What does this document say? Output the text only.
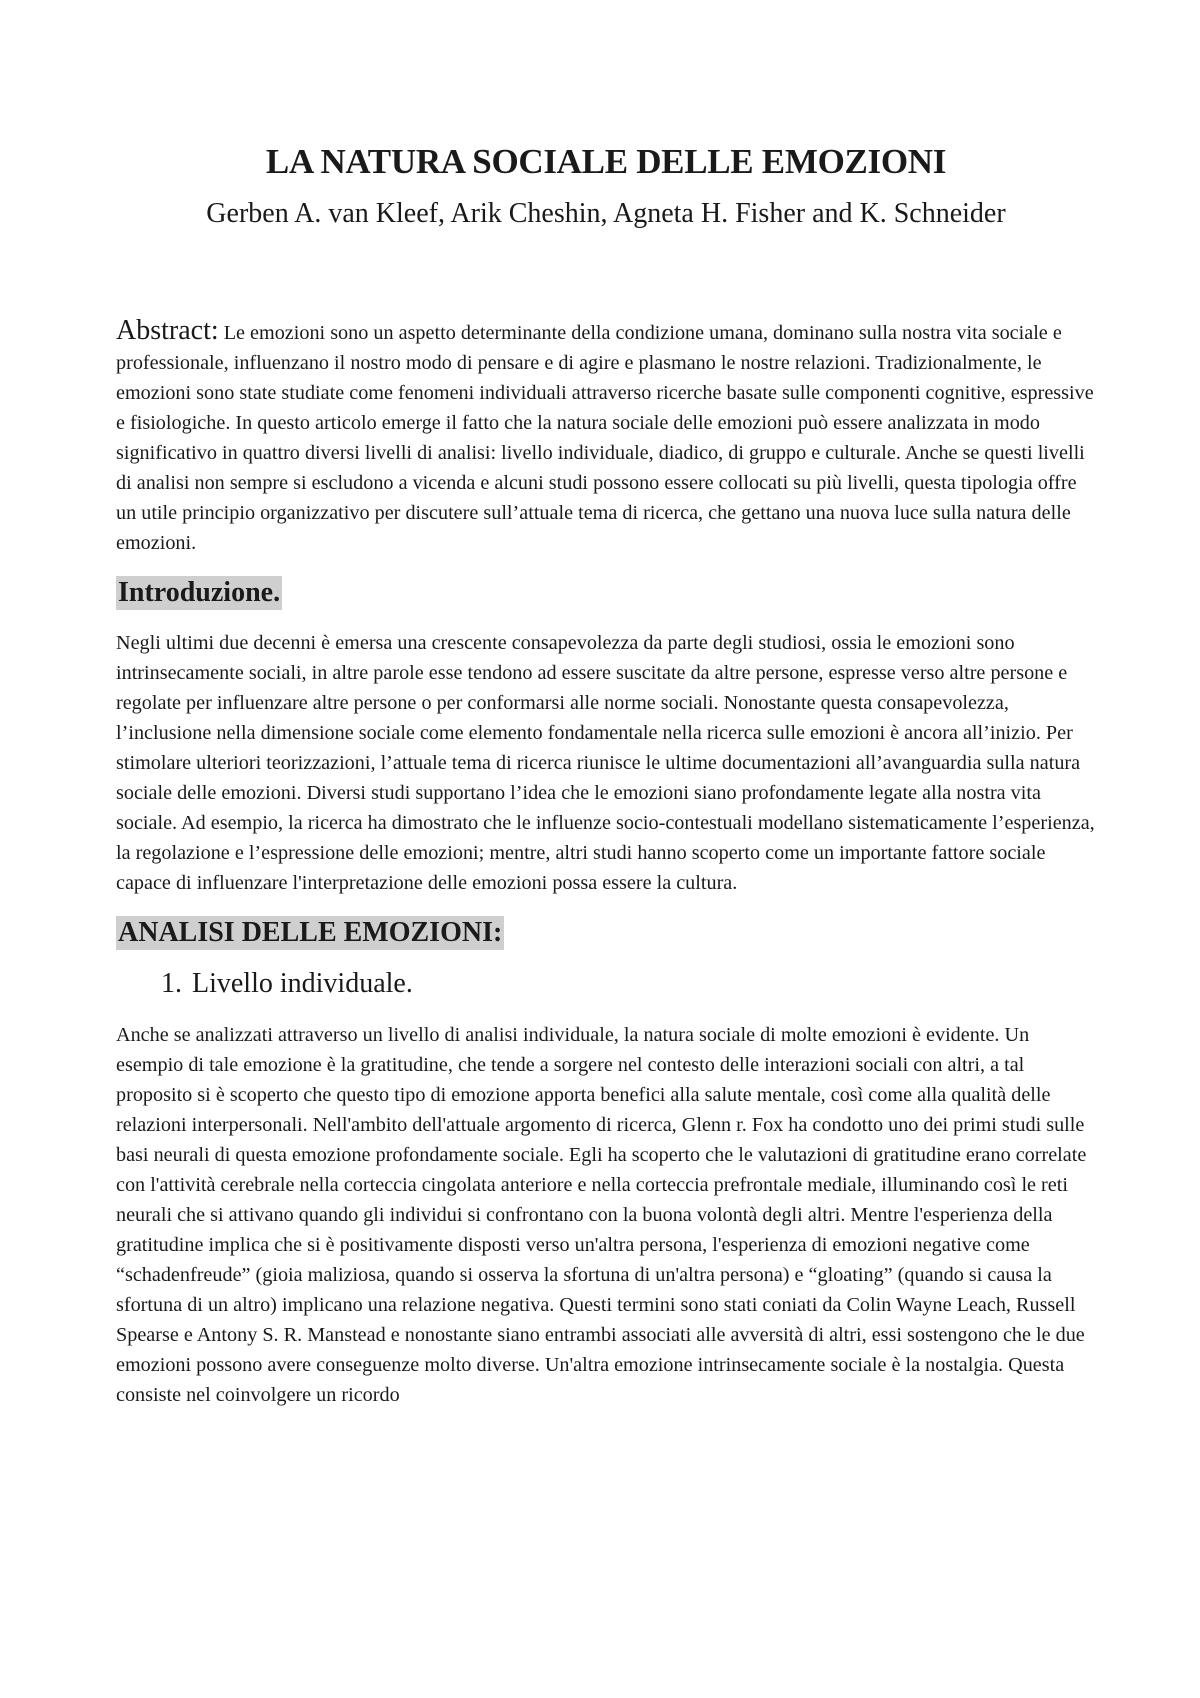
LA NATURA SOCIALE DELLE EMOZIONI

Gerben A. van Kleef, Arik Cheshin, Agneta H. Fisher and K. Schneider

Abstract: Le emozioni sono un aspetto determinante della condizione umana, dominano sulla nostra vita sociale e professionale, influenzano il nostro modo di pensare e di agire e plasmano le nostre relazioni. Tradizionalmente, le emozioni sono state studiate come fenomeni individuali attraverso ricerche basate sulle componenti cognitive, espressive e fisiologiche. In questo articolo emerge il fatto che la natura sociale delle emozioni può essere analizzata in modo significativo in quattro diversi livelli di analisi: livello individuale, diadico, di gruppo e culturale. Anche se questi livelli di analisi non sempre si escludono a vicenda e alcuni studi possono essere collocati su più livelli, questa tipologia offre un utile principio organizzativo per discutere sull’attuale tema di ricerca, che gettano una nuova luce sulla natura delle emozioni.

Introduzione.

Negli ultimi due decenni è emersa una crescente consapevolezza da parte degli studiosi, ossia le emozioni sono intrinsecamente sociali, in altre parole esse tendono ad essere suscitate da altre persone, espresse verso altre persone e regolate per influenzare altre persone o per conformarsi alle norme sociali. Nonostante questa consapevolezza, l’inclusione nella dimensione sociale come elemento fondamentale nella ricerca sulle emozioni è ancora all’inizio. Per stimolare ulteriori teorizzazioni, l’attuale tema di ricerca riunisce le ultime documentazioni all’avanguardia sulla natura sociale delle emozioni. Diversi studi supportano l’idea che le emozioni siano profondamente legate alla nostra vita sociale. Ad esempio, la ricerca ha dimostrato che le influenze socio-contestuali modellano sistematicamente l’esperienza, la regolazione e l’espressione delle emozioni; mentre, altri studi hanno scoperto come un importante fattore sociale capace di influenzare l'interpretazione delle emozioni possa essere la cultura.

ANALISI DELLE EMOZIONI:
1. Livello individuale.

Anche se analizzati attraverso un livello di analisi individuale, la natura sociale di molte emozioni è evidente. Un esempio di tale emozione è la gratitudine, che tende a sorgere nel contesto delle interazioni sociali con altri, a tal proposito si è scoperto che questo tipo di emozione apporta benefici alla salute mentale, così come alla qualità delle relazioni interpersonali. Nell'ambito dell'attuale argomento di ricerca, Glenn r. Fox ha condotto uno dei primi studi sulle basi neurali di questa emozione profondamente sociale. Egli ha scoperto che le valutazioni di gratitudine erano correlate con l'attività cerebrale nella corteccia cingolata anteriore e nella corteccia prefrontale mediale, illuminando così le reti neurali che si attivano quando gli individui si confrontano con la buona volontà degli altri. Mentre l'esperienza della gratitudine implica che si è positivamente disposti verso un'altra persona, l'esperienza di emozioni negative come “schadenfreude” (gioia maliziosa, quando si osserva la sfortuna di un'altra persona) e “gloating” (quando si causa la sfortuna di un altro) implicano una relazione negativa. Questi termini sono stati coniati da Colin Wayne Leach, Russell Spearse e Antony S. R. Manstead e nonostante siano entrambi associati alle avversità di altri, essi sostengono che le due emozioni possono avere conseguenze molto diverse. Un'altra emozione intrinsecamente sociale è la nostalgia. Questa consiste nel coinvolgere un ricordo
